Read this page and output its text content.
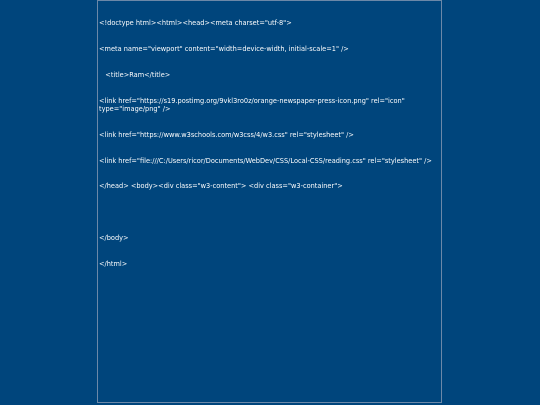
<!doctype html><html><head><meta charset="utf-8">

<meta name="viewport" content="width=device-width, initial-scale=1" />

<title>Ram</title>

<link href="https://s19.postimg.org/9vkl3ro0z/orange-newspaper-press-icon.png" rel="icon" type="image/png" />

<link href="https://www.w3schools.com/w3css/4/w3.css" rel="stylesheet" />

<link href="file:///C:/Users/ricor/Documents/WebDev/CSS/Local-CSS/reading.css" rel="stylesheet" />

</head> <body><div class="w3-content"> <div class="w3-container">

</body>

</html>
